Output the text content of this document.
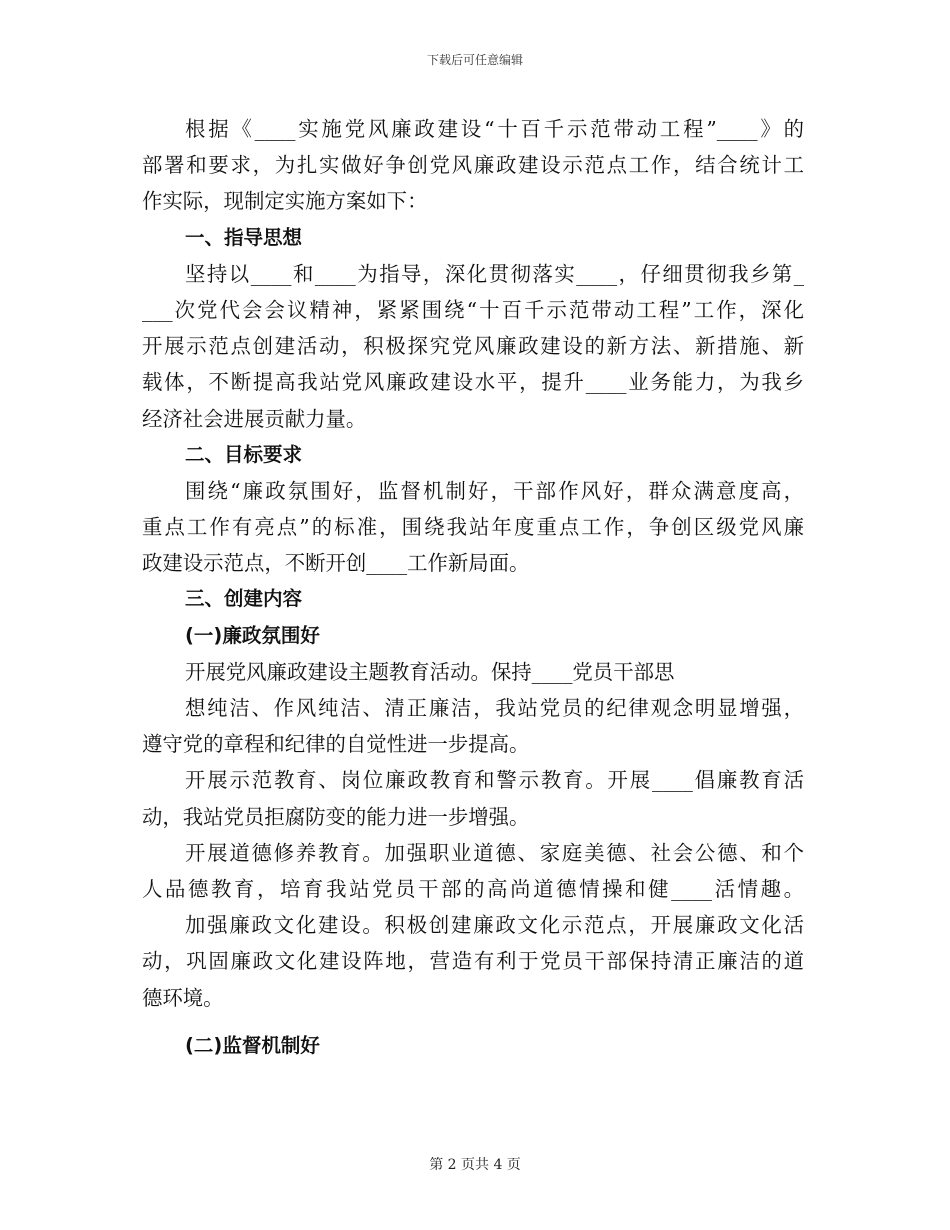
下载后可任意编辑
根据《____实施党风廉政建设“十百千示范带动工程”____》的
部署和要求，为扎实做好争创党风廉政建设示范点工作，结合统计工
作实际，现制定实施方案如下：
一、指导思想
坚持以____和____为指导，深化贯彻落实____，仔细贯彻我乡第_
___次党代会会议精神，紧紧围绕“十百千示范带动工程”工作，深化
开展示范点创建活动，积极探究党风廉政建设的新方法、新措施、新
载体，不断提高我站党风廉政建设水平，提升____业务能力，为我乡
经济社会进展贡献力量。
二、目标要求
围绕“廉政氛围好，监督机制好，干部作风好，群众满意度高，
重点工作有亮点”的标准，围绕我站年度重点工作，争创区级党风廉
政建设示范点，不断开创____工作新局面。
三、创建内容
(一)廉政氛围好
开展党风廉政建设主题教育活动。保持____党员干部思
想纯洁、作风纯洁、清正廉洁，我站党员的纪律观念明显增强，
遵守党的章程和纪律的自觉性进一步提高。
开展示范教育、岗位廉政教育和警示教育。开展____倡廉教育活
动，我站党员拒腐防变的能力进一步增强。
开展道德修养教育。加强职业道德、家庭美德、社会公德、和个
人品德教育，培育我站党员干部的高尚道德情操和健____活情趣。
加强廉政文化建设。积极创建廉政文化示范点，开展廉政文化活
动，巩固廉政文化建设阵地，营造有利于党员干部保持清正廉洁的道
德环境。
(二)监督机制好
第 2 页共 4 页
